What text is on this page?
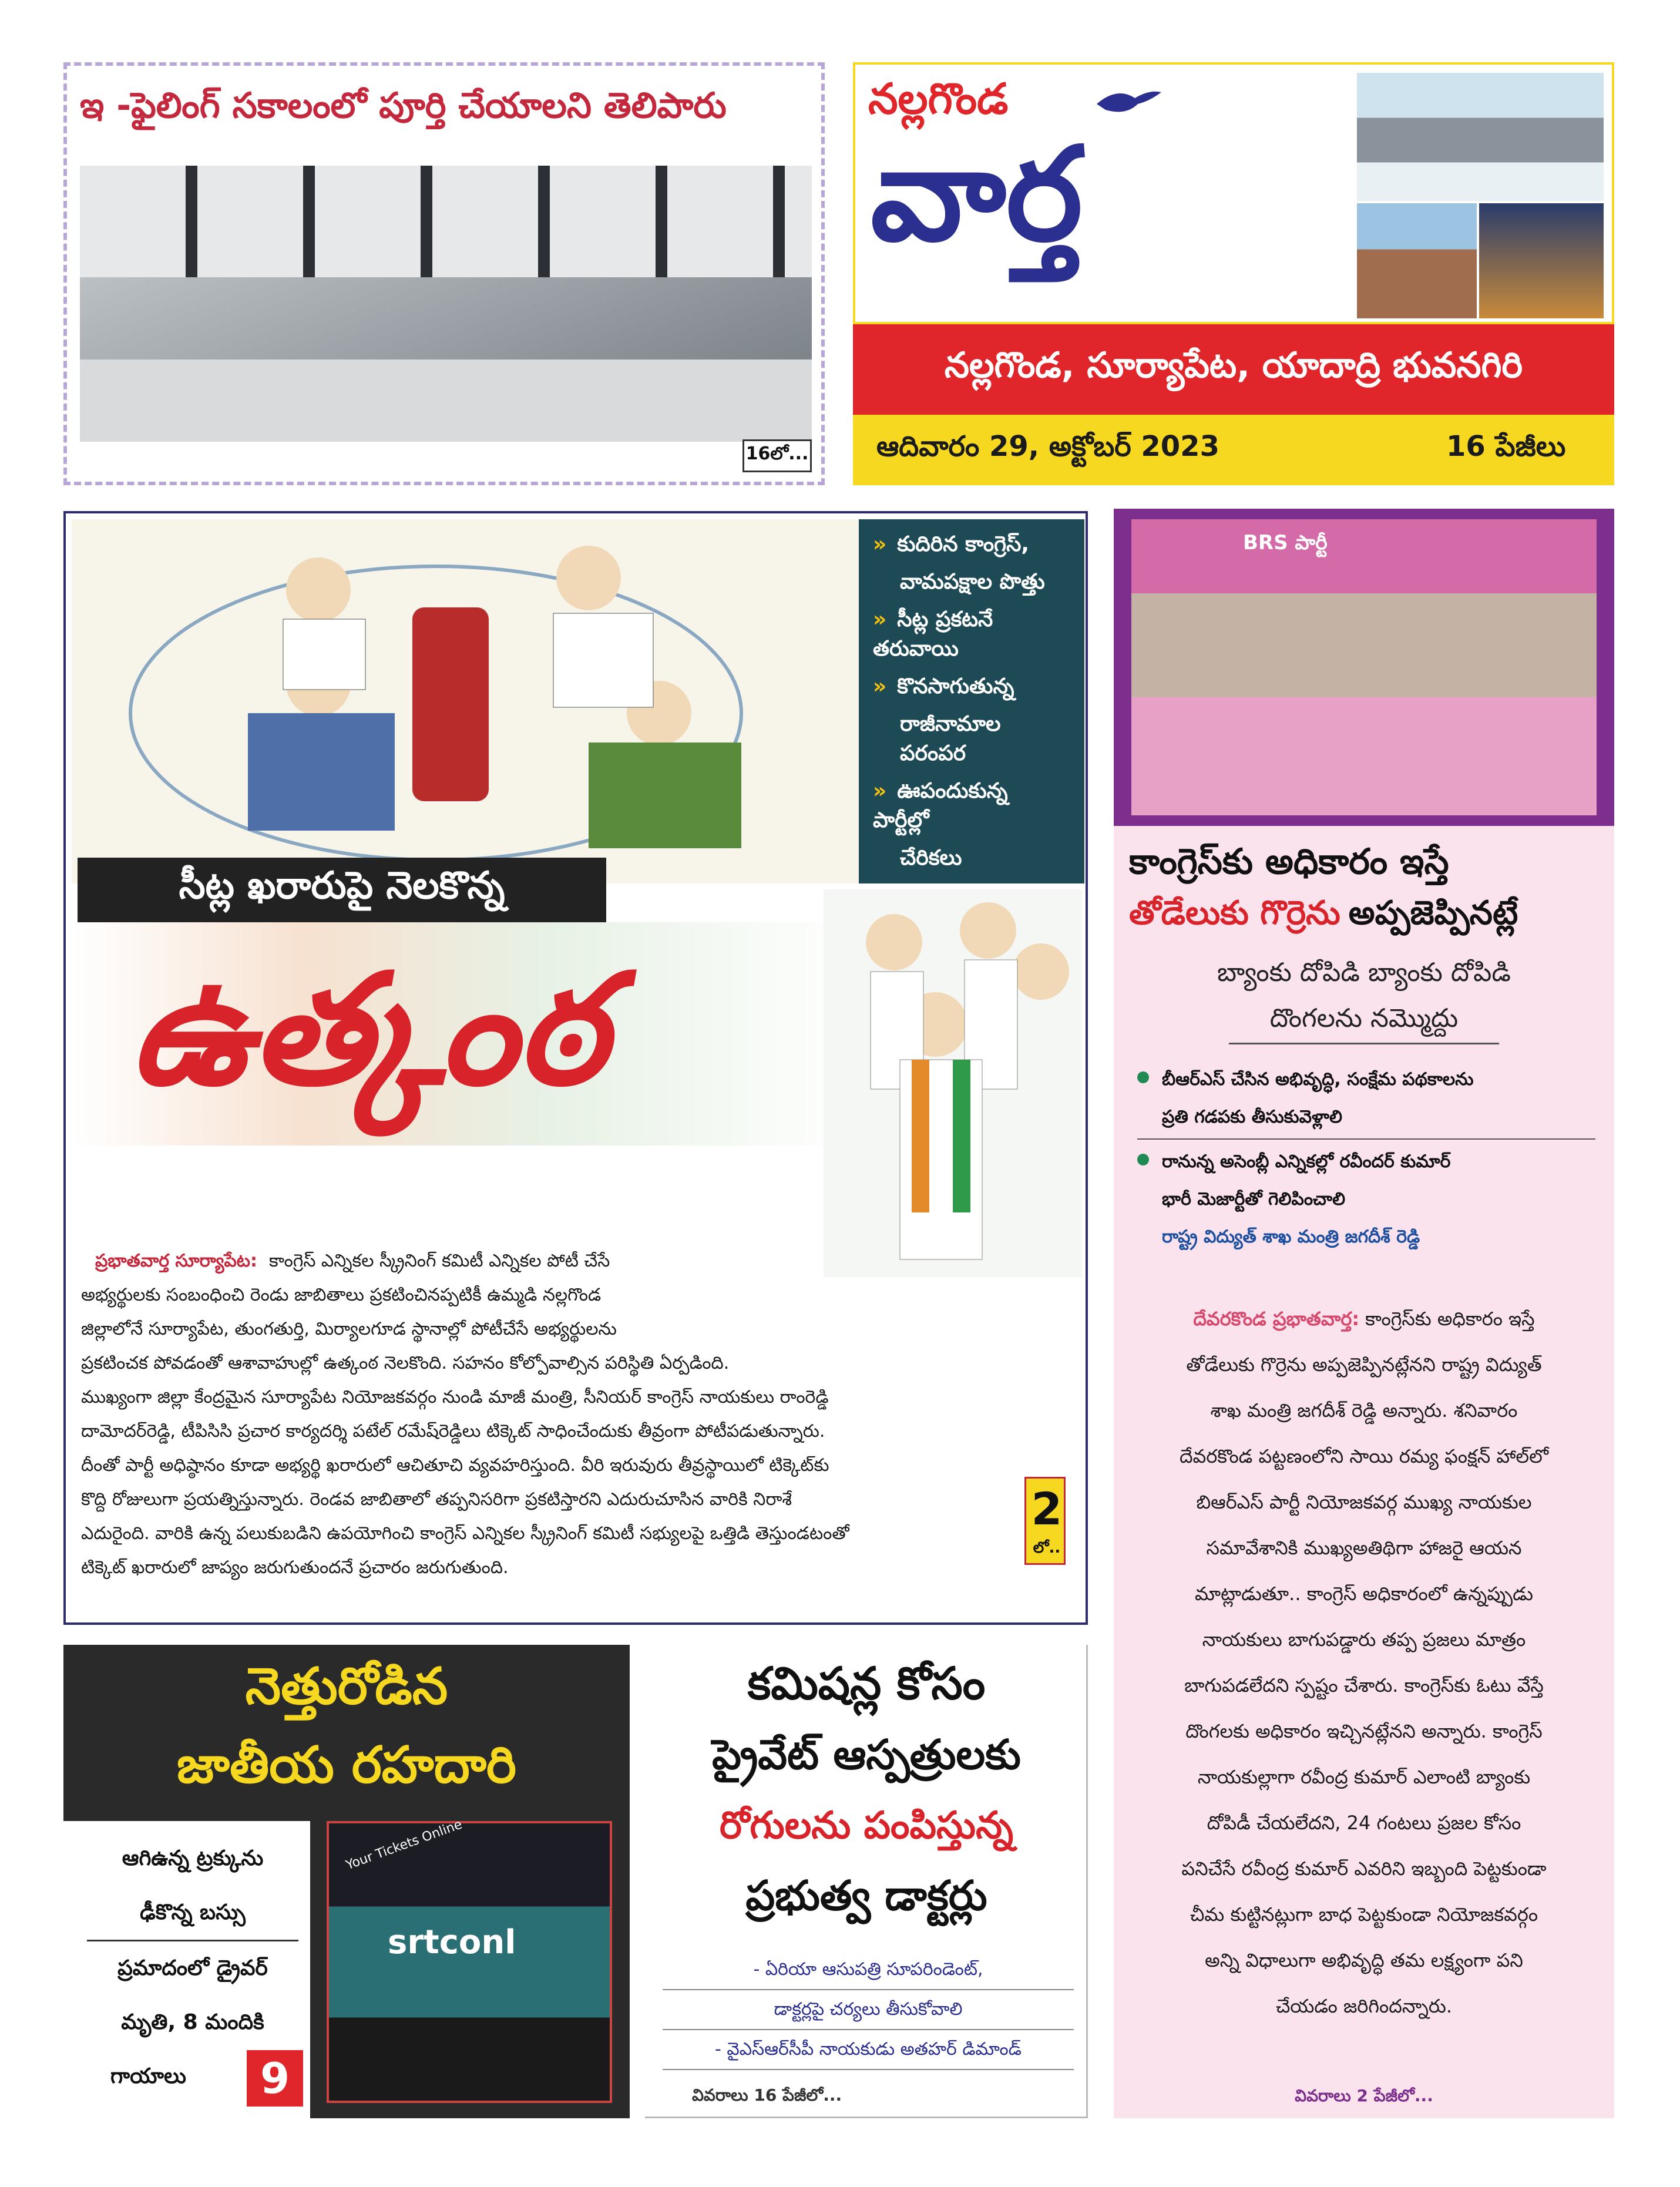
ఇ -ఫైలింగ్ సకాలంలో పూర్తి చేయాలని తెలిపారు
16లో...
నల్లగొండ
వార్త
నల్లగొండ, సూర్యాపేట, యాదాద్రి భువనగిరి
ఆదివారం 29, అక్టోబర్ 2023	16 పేజీలు
» కుదిరిన కాంగ్రెస్,
వామపక్షాల పొత్తు
» సీట్ల ప్రకటనే తరువాయి
» కొనసాగుతున్న
రాజీనామాల పరంపర
» ఊపందుకున్న పార్టీల్లో
చేరికలు
సీట్ల ఖరారుపై నెలకొన్న
ఉత్కంఠ

ప్రభాతవార్త సూర్యాపేట: కాంగ్రెస్ ఎన్నికల స్క్రీనింగ్ కమిటీ ఎన్నికల పోటీ చేసే

అభ్యర్థులకు సంబంధించి రెండు జాబితాలు ప్రకటించినప్పటికీ ఉమ్మడి నల్లగొండ

జిల్లాలోనే సూర్యాపేట, తుంగతుర్తి, మిర్యాలగూడ స్థానాల్లో పోటీచేసే అభ్యర్థులను

ప్రకటించక పోవడంతో ఆశావాహుల్లో ఉత్కంఠ నెలకొంది. సహనం కోల్పోవాల్సిన పరిస్థితి ఏర్పడింది.

ముఖ్యంగా జిల్లా కేంద్రమైన సూర్యాపేట నియోజకవర్గం నుండి మాజీ మంత్రి, సీనియర్ కాంగ్రెస్ నాయకులు రాంరెడ్డి

దామోదర్‌రెడ్డి, టీపిసిసి ప్రచార కార్యదర్శి పటేల్ రమేష్‌రెడ్డిలు టిక్కెట్ సాధించేందుకు తీవ్రంగా పోటీపడుతున్నారు.

దీంతో పార్టీ అధిష్ఠానం కూడా అభ్యర్థి ఖరారులో ఆచితూచి వ్యవహరిస్తుంది. వీరి ఇరువురు తీవ్రస్థాయిలో టిక్కెట్‌కు

కొద్ది రోజులుగా ప్రయత్నిస్తున్నారు. రెండవ జాబితాలో తప్పనిసరిగా ప్రకటిస్తారని ఎదురుచూసిన వారికి నిరాశే

ఎదురైంది. వారికి ఉన్న పలుకుబడిని ఉపయోగించి కాంగ్రెస్ ఎన్నికల స్క్రీనింగ్ కమిటీ సభ్యులపై ఒత్తిడి తెస్తుండటంతో

టిక్కెట్ ఖరారులో జాప్యం జరుగుతుందనే ప్రచారం జరుగుతుంది.

2
లో..
BRS పార్టీ
కాంగ్రెస్‌కు అధికారం ఇస్తే
తోడేలుకు గొర్రెను అప్పజెప్పినట్లే
బ్యాంకు దోపిడి బ్యాంకు దోపిడి
దొంగలను నమ్మొద్దు

బీఆర్ఎస్ చేసిన అభివృద్ధి, సంక్షేమ పథకాలను

ప్రతి గడపకు తీసుకువెళ్లాలి

రానున్న అసెంబ్లీ ఎన్నికల్లో రవీందర్ కుమార్

భారీ మెజార్టీతో గెలిపించాలి

రాష్ట్ర విద్యుత్ శాఖ మంత్రి జగదీశ్ రెడ్డి

దేవరకొండ ప్రభాతవార్త: కాంగ్రెస్‌కు అధికారం ఇస్తే

తోడేలుకు గొర్రెను అప్పజెప్పినట్లేనని రాష్ట్ర విద్యుత్

శాఖ మంత్రి జగదీశ్ రెడ్డి అన్నారు. శనివారం

దేవరకొండ పట్టణంలోని సాయి రమ్య ఫంక్షన్ హాల్‌లో

బిఆర్ఎస్ పార్టీ నియోజకవర్గ ముఖ్య నాయకుల

సమావేశానికి ముఖ్యఅతిథిగా హాజరై ఆయన

మాట్లాడుతూ.. కాంగ్రెస్ అధికారంలో ఉన్నప్పుడు

నాయకులు బాగుపడ్డారు తప్ప ప్రజలు మాత్రం

బాగుపడలేదని స్పష్టం చేశారు. కాంగ్రెస్‌కు ఓటు వేస్తే

దొంగలకు అధికారం ఇచ్చినట్లేనని అన్నారు. కాంగ్రెస్

నాయకుల్లాగా రవీంద్ర కుమార్ ఎలాంటి బ్యాంకు

దోపిడీ చేయలేదని, 24 గంటలు ప్రజల కోసం

పనిచేసే రవీంద్ర కుమార్ ఎవరిని ఇబ్బంది పెట్టకుండా

చీమ కుట్టినట్లుగా బాధ పెట్టకుండా నియోజకవర్గం

అన్ని విధాలుగా అభివృద్ధి తమ లక్ష్యంగా పని

చేయడం జరిగిందన్నారు.

వివరాలు 2 పేజీలో...
నెత్తురోడిన
జాతీయ రహదారి

ఆగిఉన్న ట్రక్కును

ఢీకొన్న బస్సు

ప్రమాదంలో డ్రైవర్

మృతి, 8 మందికి

గాయాలు	9
Your Tickets Online
srtconl
కమిషన్ల కోసం
ప్రైవేట్ ఆస్పత్రులకు
రోగులను పంపిస్తున్న
ప్రభుత్వ డాక్టర్లు

- ఏరియా ఆసుపత్రి సూపరిండెంట్,

డాక్టర్లపై చర్యలు తీసుకోవాలి

- వైఎస్ఆర్‌సీపీ నాయకుడు అతహర్ డిమాండ్

వివరాలు 16 పేజీలో...
